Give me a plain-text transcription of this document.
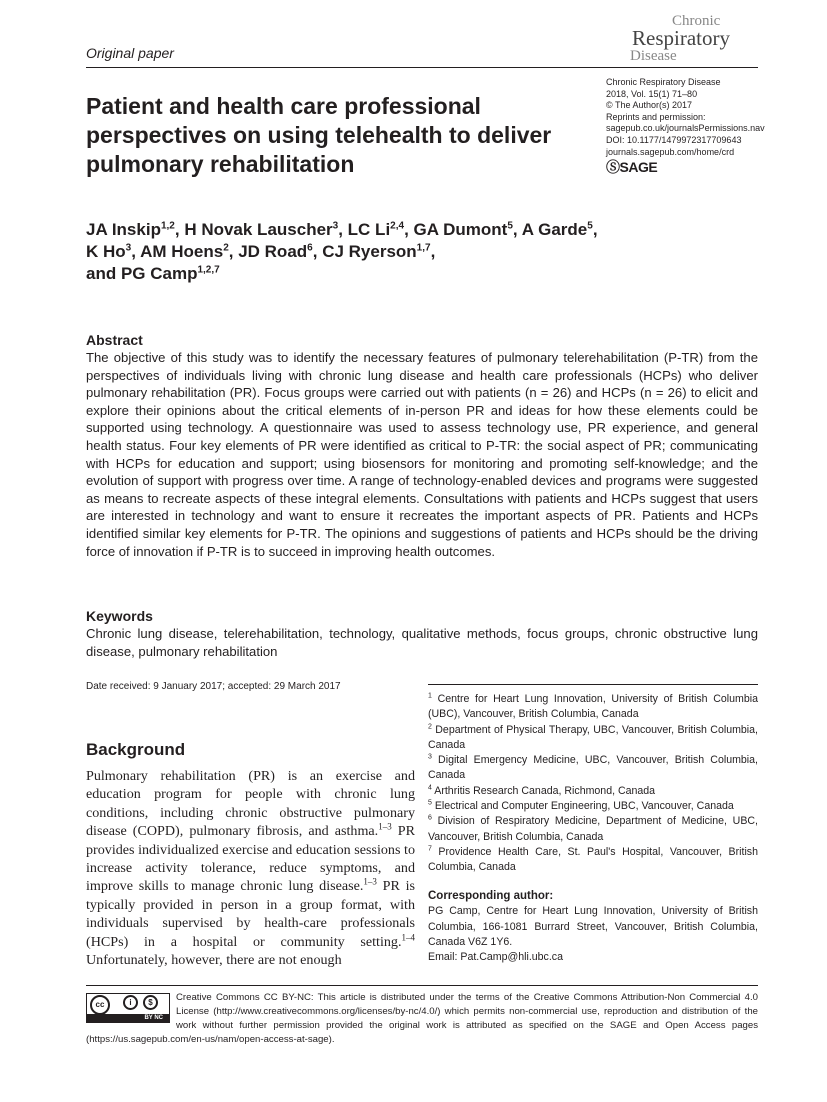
Original paper
Chronic
Respiratory
Disease
Chronic Respiratory Disease
2018, Vol. 15(1) 71–80
© The Author(s) 2017
Reprints and permission:
sagepub.co.uk/journalsPermissions.nav
DOI: 10.1177/1479972317709643
journals.sagepub.com/home/crd
ⓈSAGE
Patient and health care professional perspectives on using telehealth to deliver pulmonary rehabilitation
JA Inskip$^{1,2}$, H Novak Lauscher$^3$, LC Li$^{2,4}$, GA Dumont$^5$, A Garde$^5$,
K Ho$^3$, AM Hoens$^2$, JD Road$^6$, CJ Ryerson$^{1,7}$,
and PG Camp$^{1,2,7}$
Abstract
The objective of this study was to identify the necessary features of pulmonary telerehabilitation (P-TR) from the perspectives of individuals living with chronic lung disease and health care professionals (HCPs) who deliver pulmonary rehabilitation (PR). Focus groups were carried out with patients (n = 26) and HCPs (n = 26) to elicit and explore their opinions about the critical elements of in-person PR and ideas for how these elements could be supported using technology. A questionnaire was used to assess technology use, PR experience, and general health status. Four key elements of PR were identified as critical to P-TR: the social aspect of PR; communicating with HCPs for education and support; using biosensors for monitoring and promoting self-knowledge; and the evolution of support with progress over time. A range of technology-enabled devices and programs were suggested as means to recreate aspects of these integral elements. Consultations with patients and HCPs suggest that users are interested in technology and want to ensure it recreates the important aspects of PR. Patients and HCPs identified similar key elements for P-TR. The opinions and suggestions of patients and HCPs should be the driving force of innovation if P-TR is to succeed in improving health outcomes.
Keywords
Chronic lung disease, telerehabilitation, technology, qualitative methods, focus groups, chronic obstructive lung disease, pulmonary rehabilitation
Date received: 9 January 2017; accepted: 29 March 2017
Background
Pulmonary rehabilitation (PR) is an exercise and education program for people with chronic lung conditions, including chronic obstructive pulmonary disease (COPD), pulmonary fibrosis, and asthma.$^{1-3}$ PR provides individualized exercise and education sessions to increase activity tolerance, reduce symptoms, and improve skills to manage chronic lung disease.$^{1-3}$ PR is typically provided in person in a group format, with individuals supervised by health-care professionals (HCPs) in a hospital or community setting.$^{1-4}$ Unfortunately, however, there are not enough
$^1$ Centre for Heart Lung Innovation, University of British Columbia (UBC), Vancouver, British Columbia, Canada
$^2$ Department of Physical Therapy, UBC, Vancouver, British Columbia, Canada
$^3$ Digital Emergency Medicine, UBC, Vancouver, British Columbia, Canada
$^4$ Arthritis Research Canada, Richmond, Canada
$^5$ Electrical and Computer Engineering, UBC, Vancouver, Canada
$^6$ Division of Respiratory Medicine, Department of Medicine, UBC, Vancouver, British Columbia, Canada
$^7$ Providence Health Care, St. Paul's Hospital, Vancouver, British Columbia, Canada
Corresponding author:
PG Camp, Centre for Heart Lung Innovation, University of British Columbia, 166-1081 Burrard Street, Vancouver, British Columbia, Canada V6Z 1Y6.
Email: Pat.Camp@hli.ubc.ca
cc	i	$
BY NC
Creative Commons CC BY-NC: This article is distributed under the terms of the Creative Commons Attribution-Non Commercial 4.0 License (http://www.creativecommons.org/licenses/by-nc/4.0/) which permits non-commercial use, reproduction and distribution of the work without further permission provided the original work is attributed as specified on the SAGE and Open Access pages (https://us.sagepub.com/en-us/nam/open-access-at-sage).
